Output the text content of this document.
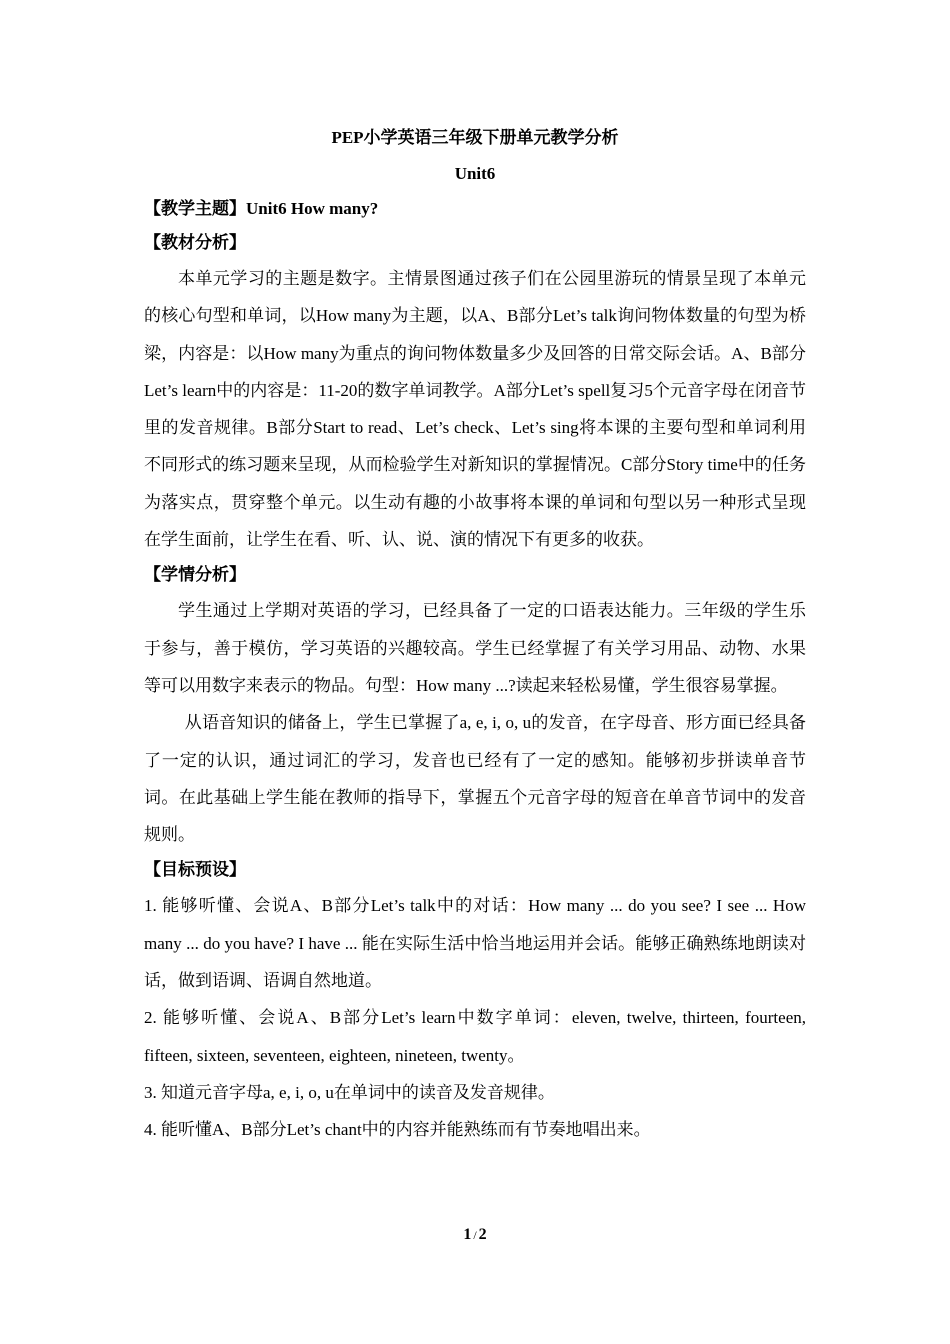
PEP小学英语三年级下册单元教学分析

Unit6

【教学主题】Unit6 How many?

【教材分析】

本单元学习的主题是数字。主情景图通过孩子们在公园里游玩的情景呈现了本单元的核心句型和单词，以How many为主题，以A、B部分Let’s talk询问物体数量的句型为桥梁，内容是：以How many为重点的询问物体数量多少及回答的日常交际会话。A、B部分Let’s learn中的内容是：11-20的数字单词教学。A部分Let’s spell复习5个元音字母在闭音节里的发音规律。B部分Start to read、Let’s check、Let’s sing将本课的主要句型和单词利用不同形式的练习题来呈现，从而检验学生对新知识的掌握情况。C部分Story time中的任务为落实点，贯穿整个单元。以生动有趣的小故事将本课的单词和句型以另一种形式呈现在学生面前，让学生在看、听、认、说、演的情况下有更多的收获。

【学情分析】

学生通过上学期对英语的学习，已经具备了一定的口语表达能力。三年级的学生乐于参与，善于模仿，学习英语的兴趣较高。学生已经掌握了有关学习用品、动物、水果等可以用数字来表示的物品。句型：How many ...?读起来轻松易懂，学生很容易掌握。

从语音知识的储备上，学生已掌握了a, e, i, o, u的发音，在字母音、形方面已经具备了一定的认识，通过词汇的学习，发音也已经有了一定的感知。能够初步拼读单音节词。在此基础上学生能在教师的指导下，掌握五个元音字母的短音在单音节词中的发音规则。

【目标预设】

1. 能够听懂、会说A、B部分Let’s talk中的对话：How many ... do you see? I see ... How many ... do you have? I have ... 能在实际生活中恰当地运用并会话。能够正确熟练地朗读对话，做到语调、语调自然地道。

2. 能够听懂、会说A、B部分Let’s learn中数字单词：eleven, twelve, thirteen, fourteen, fifteen, sixteen, seventeen, eighteen, nineteen, twenty。

3. 知道元音字母a, e, i, o, u在单词中的读音及发音规律。

4. 能听懂A、B部分Let’s chant中的内容并能熟练而有节奏地唱出来。

1 / 2
